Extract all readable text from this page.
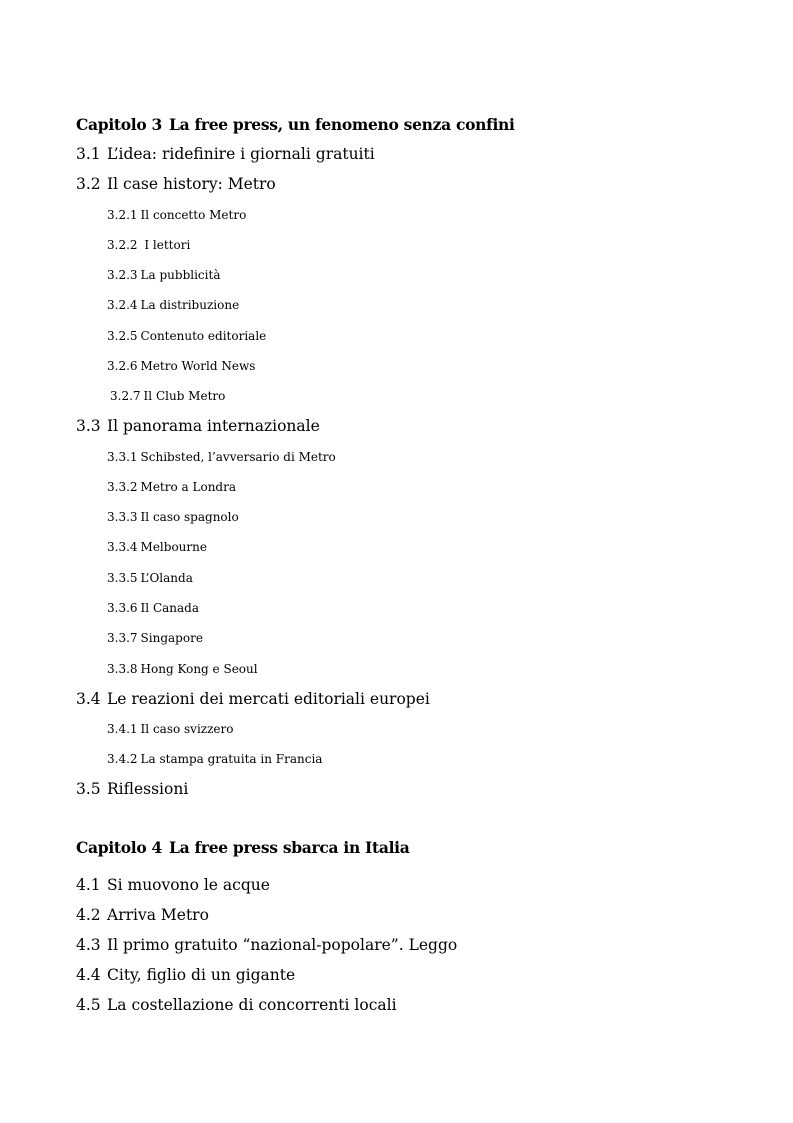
Capitolo 3 La free press, un fenomeno senza confini
3.1 L’idea: ridefinire i giornali gratuiti
3.2 Il case history: Metro
3.2.1 Il concetto Metro
3.2.2 I lettori
3.2.3 La pubblicità
3.2.4 La distribuzione
3.2.5 Contenuto editoriale
3.2.6 Metro World News
3.2.7 Il Club Metro
3.3 Il panorama internazionale
3.3.1 Schibsted, l’avversario di Metro
3.3.2 Metro a Londra
3.3.3 Il caso spagnolo
3.3.4 Melbourne
3.3.5 L’Olanda
3.3.6 Il Canada
3.3.7 Singapore
3.3.8 Hong Kong e Seoul
3.4 Le reazioni dei mercati editoriali europei
3.4.1 Il caso svizzero
3.4.2 La stampa gratuita in Francia
3.5 Riflessioni
Capitolo 4 La free press sbarca in Italia
4.1 Si muovono le acque
4.2 Arriva Metro
4.3 Il primo gratuito “nazional-popolare”. Leggo
4.4 City, figlio di un gigante
4.5 La costellazione di concorrenti locali
